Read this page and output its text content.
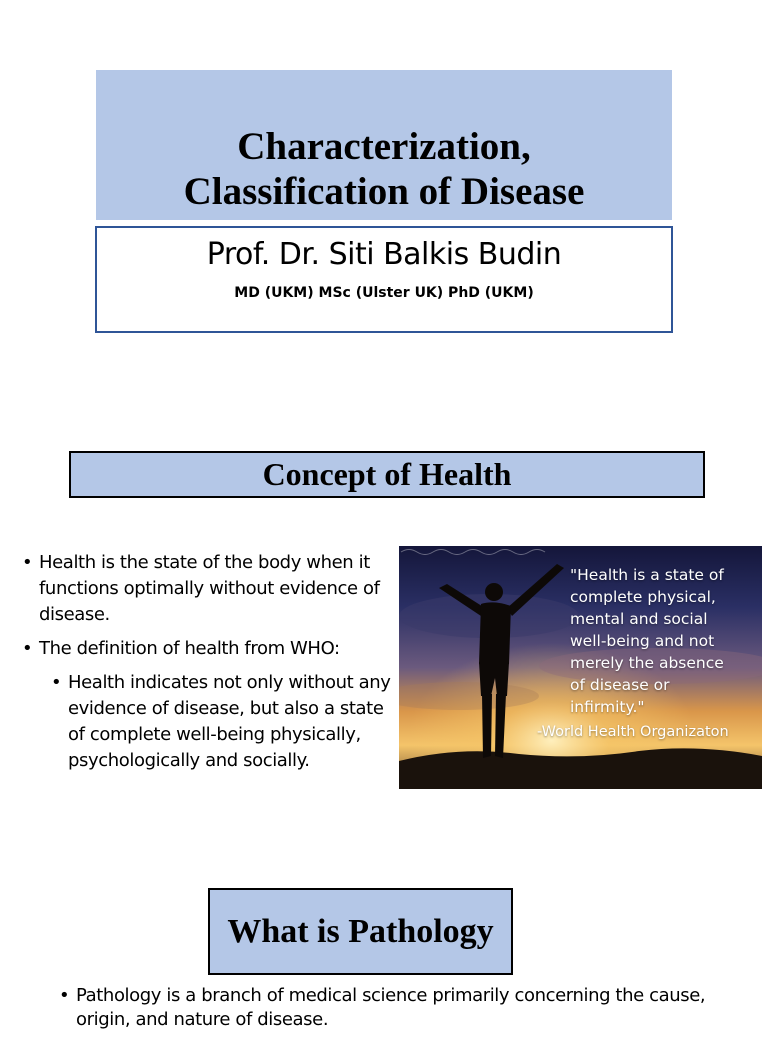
Characterization,
Classification of Disease
Prof. Dr. Siti Balkis Budin
MD (UKM) MSc (Ulster UK) PhD (UKM)
Concept of Health
• Health is the state of the body when it functions optimally without evidence of disease.
• The definition of health from WHO:
• Health indicates not only without any evidence of disease, but also a state of complete well-being physically, psychologically and socially.
"Health is a state of
complete physical,
mental and social
well-being and not
merely the absence
of disease or
infirmity."
-World Health Organizaton
What is Pathology
• Pathology is a branch of medical science primarily concerning the cause, origin, and nature of disease.
